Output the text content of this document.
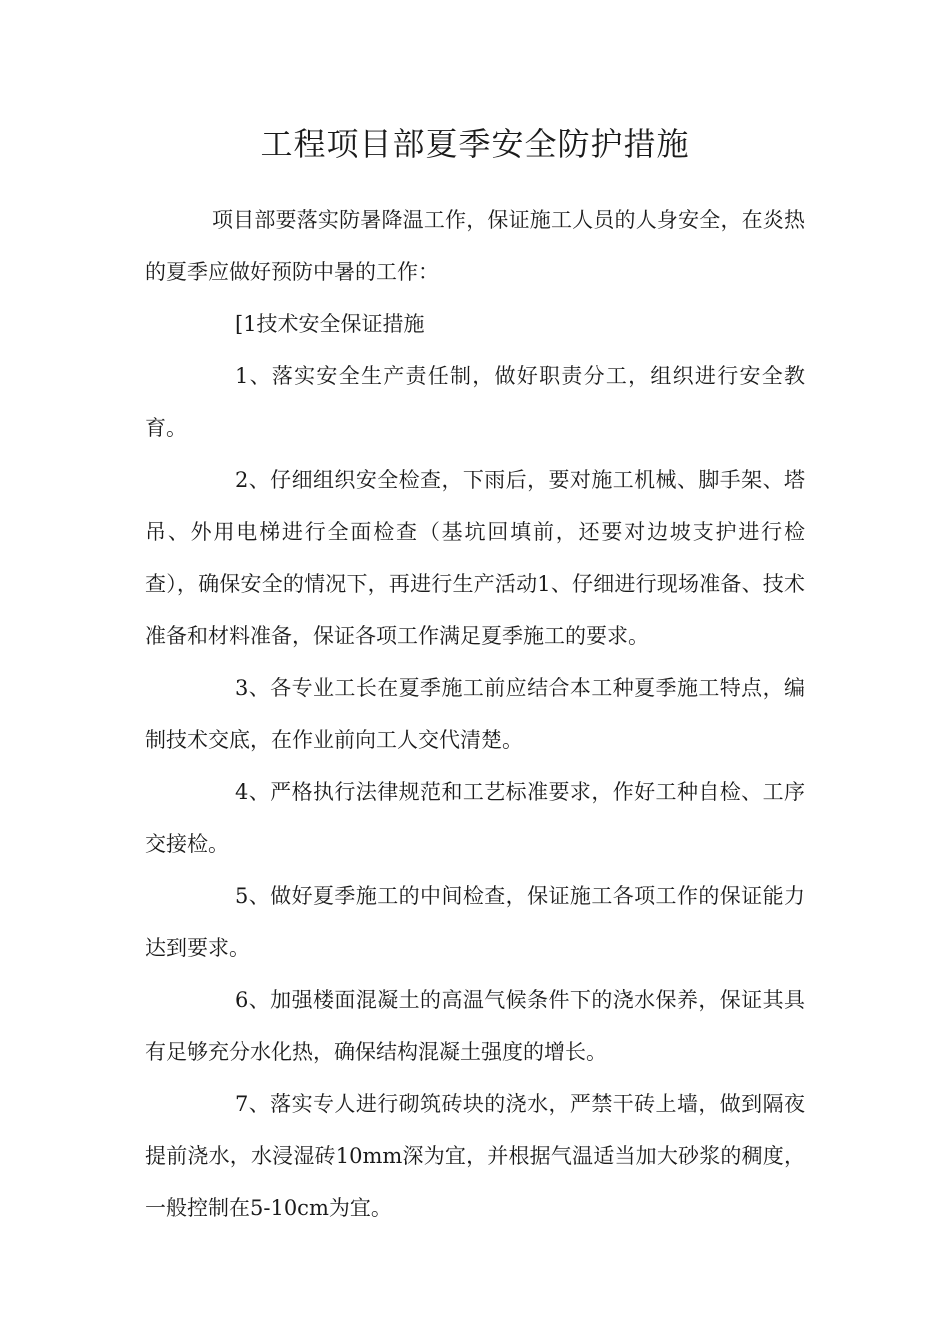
工程项目部夏季安全防护措施

项目部要落实防暑降温工作，保证施工人员的人身安全，在炎热的夏季应做好预防中暑的工作：

[1技术安全保证措施

1、落实安全生产责任制，做好职责分工，组织进行安全教育。

2、仔细组织安全检查，下雨后，要对施工机械、脚手架、塔吊、外用电梯进行全面检查（基坑回填前，还要对边坡支护进行检查），确保安全的情况下，再进行生产活动1、仔细进行现场准备、技术准备和材料准备，保证各项工作满足夏季施工的要求。

3、各专业工长在夏季施工前应结合本工种夏季施工特点，编制技术交底，在作业前向工人交代清楚。

4、严格执行法律规范和工艺标准要求，作好工种自检、工序交接检。

5、做好夏季施工的中间检查，保证施工各项工作的保证能力达到要求。

6、加强楼面混凝土的高温气候条件下的浇水保养，保证其具有足够充分水化热，确保结构混凝土强度的增长。

7、落实专人进行砌筑砖块的浇水，严禁干砖上墙，做到隔夜提前浇水，水浸湿砖10mm深为宜，并根据气温适当加大砂浆的稠度，一般控制在5-10cm为宜。
